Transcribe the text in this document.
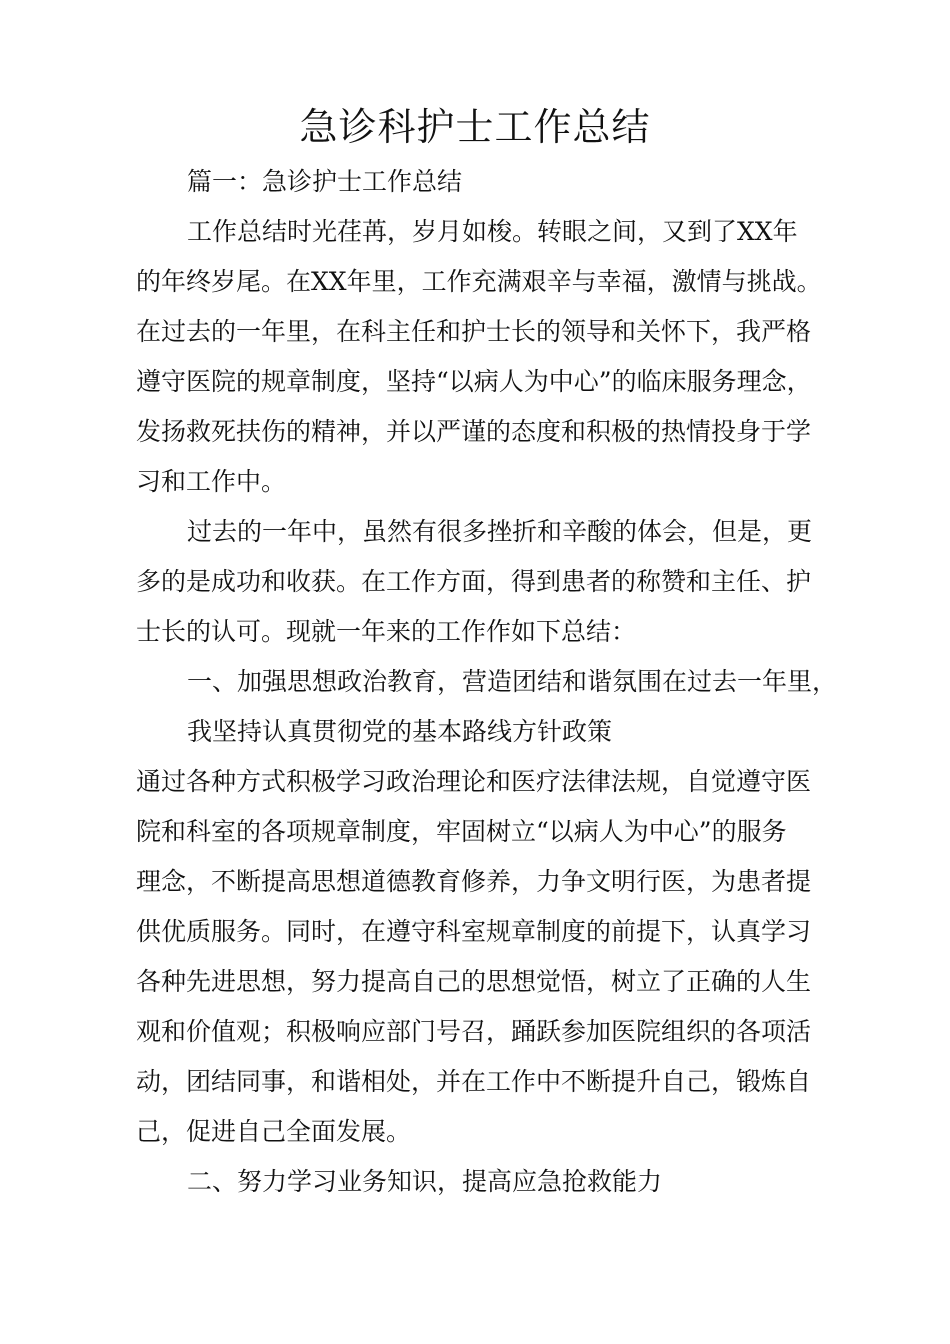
急诊科护士工作总结

篇一：急诊护士工作总结

工作总结时光荏苒，岁月如梭。转眼之间，又到了XX年

的年终岁尾。在XX年里，工作充满艰辛与幸福，激情与挑战。

在过去的一年里，在科主任和护士长的领导和关怀下，我严格

遵守医院的规章制度，坚持“以病人为中心”的临床服务理念，

发扬救死扶伤的精神，并以严谨的态度和积极的热情投身于学

习和工作中。

过去的一年中，虽然有很多挫折和辛酸的体会，但是，更

多的是成功和收获。在工作方面，得到患者的称赞和主任、护

士长的认可。现就一年来的工作作如下总结：

一、加强思想政治教育，营造团结和谐氛围在过去一年里，

我坚持认真贯彻党的基本路线方针政策

通过各种方式积极学习政治理论和医疗法律法规，自觉遵守医

院和科室的各项规章制度，牢固树立“以病人为中心”的服务

理念，不断提高思想道德教育修养，力争文明行医，为患者提

供优质服务。同时，在遵守科室规章制度的前提下，认真学习

各种先进思想，努力提高自己的思想觉悟，树立了正确的人生

观和价值观；积极响应部门号召，踊跃参加医院组织的各项活

动，团结同事，和谐相处，并在工作中不断提升自己，锻炼自

己，促进自己全面发展。

二、努力学习业务知识，提高应急抢救能力
